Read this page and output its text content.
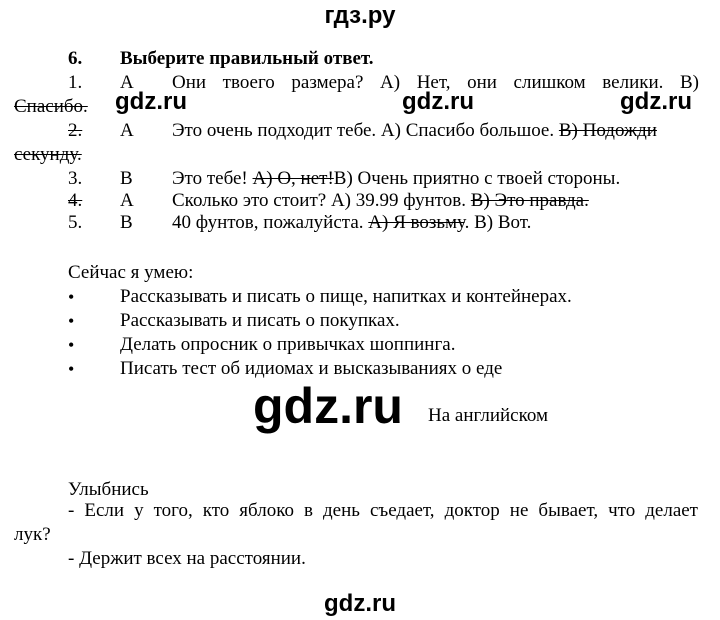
гдз.ру
6. Выберите правильный ответ.
1. A Они твоего размера? A) Нет, они слишком велики. B)
Спасибо.
2. A Это очень подходит тебе. A) Спасибо большое. B) Подожди
секунду.
3. B Это тебе! A) О, нет!B) Очень приятно с твоей стороны.
4. A Сколько это стоит? A) 39.99 фунтов. B) Это правда.
5. B 40 фунтов, пожалуйста. A) Я возьму. B) Вот.
Сейчас я умею:
• Рассказывать и писать о пище, напитках и контейнерах.
• Рассказывать и писать о покупках.
• Делать опросник о привычках шоппинга.
• Писать тест об идиомах и высказываниях о еде
gdz.ru	gdz.ru	gdz.ru
gdz.ru На английском
Улыбнись
- Если у того, кто яблоко в день съедает, доктор не бывает, что делает
лук?
- Держит всех на расстоянии.
gdz.ru
